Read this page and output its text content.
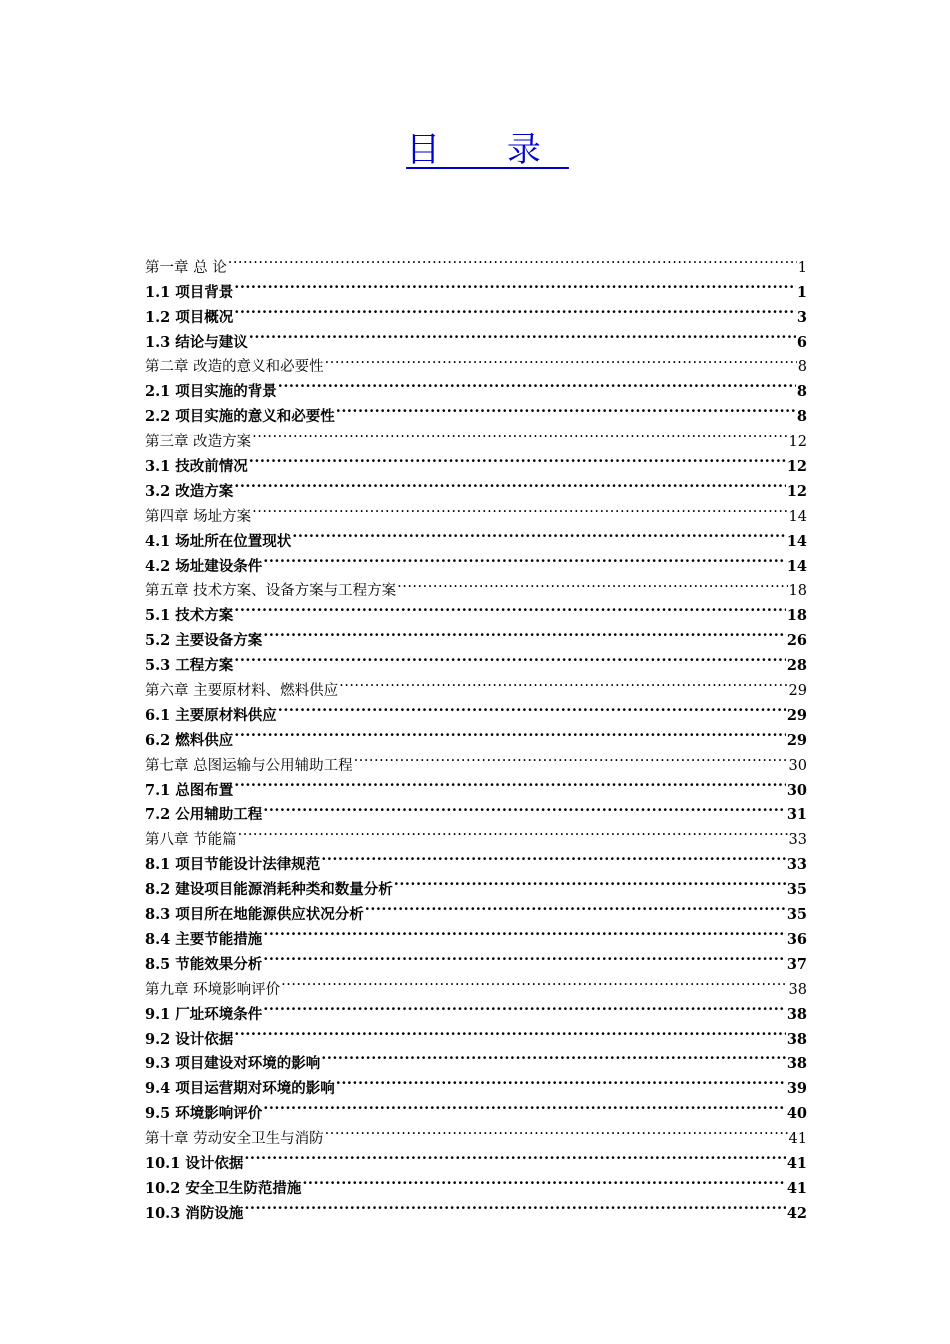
目 录
第一章 总 论 .....	1
1.1 项目背景 .....	1
1.2 项目概况 .....	3
1.3 结论与建议 .....	6
第二章 改造的意义和必要性 .....	8
2.1 项目实施的背景 .....	8
2.2 项目实施的意义和必要性 .....	8
第三章 改造方案 .....	12
3.1 技改前情况 .....	12
3.2 改造方案 .....	12
第四章 场址方案 .....	14
4.1 场址所在位置现状 .....	14
4.2 场址建设条件 .....	14
第五章 技术方案、设备方案与工程方案 .....	18
5.1 技术方案 .....	18
5.2 主要设备方案 .....	26
5.3 工程方案 .....	28
第六章 主要原材料、燃料供应 .....	29
6.1 主要原材料供应 .....	29
6.2 燃料供应 .....	29
第七章 总图运输与公用辅助工程 .....	30
7.1 总图布置 .....	30
7.2 公用辅助工程 .....	31
第八章 节能篇 .....	33
8.1 项目节能设计法律规范 .....	33
8.2 建设项目能源消耗种类和数量分析 .....	35
8.3 项目所在地能源供应状况分析 .....	35
8.4 主要节能措施 .....	36
8.5 节能效果分析 .....	37
第九章 环境影响评价 .....	38
9.1 厂址环境条件 .....	38
9.2 设计依据 .....	38
9.3 项目建设对环境的影响 .....	38
9.4 项目运营期对环境的影响 .....	39
9.5 环境影响评价 .....	40
第十章 劳动安全卫生与消防 .....	41
10.1 设计依据 .....	41
10.2 安全卫生防范措施 .....	41
10.3 消防设施 .....	42
